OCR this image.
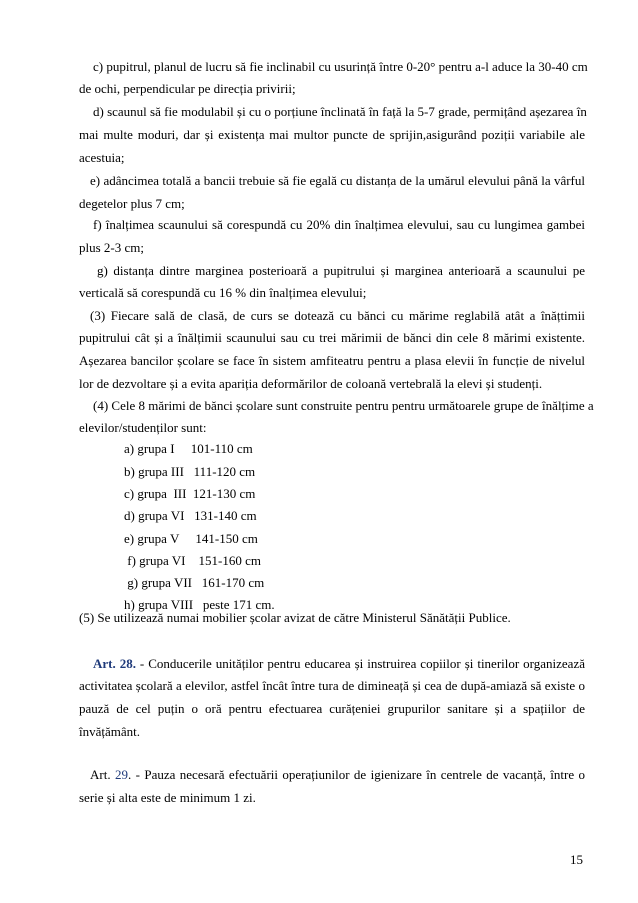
c) pupitrul, planul de lucru să fie inclinabil cu usurință între 0-20° pentru a-l aduce la 30-40 cm
de ochi, perpendicular pe direcția privirii;
d) scaunul să fie modulabil și cu o porțiune înclinată în față la 5-7 grade, permițând așezarea în
mai multe moduri, dar și existența mai multor puncte de sprijin,asigurând poziții variabile ale
acestuia;
e) adâncimea totală a bancii trebuie să fie egală cu distanța de la umărul elevului până la vârful
degetelor plus 7 cm;
f) înalțimea scaunului să corespundă cu 20% din înalțimea elevului, sau cu lungimea gambei
plus 2-3 cm;
g) distanța dintre marginea posterioară a pupitrului și marginea anterioară a scaunului pe
verticală să corespundă cu 16 % din înalțimea elevului;
(3) Fiecare sală de clasă, de curs se dotează cu bănci cu mărime reglabilă atât a înățtimii
pupitrului cât și a înălțimii scaunului sau cu trei mărimii de bănci din cele 8 mărimi existente.
Așezarea bancilor școlare se face în sistem amfiteatru pentru a plasa elevii în funcție de nivelul
lor de dezvoltare și a evita apariția deformărilor de coloană vertebrală la elevi și studenți.
(4) Cele 8 mărimi de bănci școlare sunt construite pentru pentru următoarele grupe de înălțime a
elevilor/studenților sunt:
a) grupa I     101-110 cm
b) grupa III   111-120 cm
c) grupa  III  121-130 cm
d) grupa VI   131-140 cm
e) grupa V     141-150 cm
f) grupa VI    151-160 cm
g) grupa VII   161-170 cm
h) grupa VIII   peste 171 cm.
(5) Se utilizează numai mobilier școlar avizat de către Ministerul Sănătății Publice.
Art. 28. - Conducerile unităților pentru educarea și instruirea copiilor și tinerilor organizează
activitatea școlară a elevilor, astfel încât între tura de dimineață și cea de după-amiază să existe o
pauză de cel puțin o oră pentru efectuarea curățeniei grupurilor sanitare și a spațiilor de
învățământ.
Art. 29. - Pauza necesară efectuării operațiunilor de igienizare în centrele de vacanță, între o
serie și alta este de minimum 1 zi.
15
